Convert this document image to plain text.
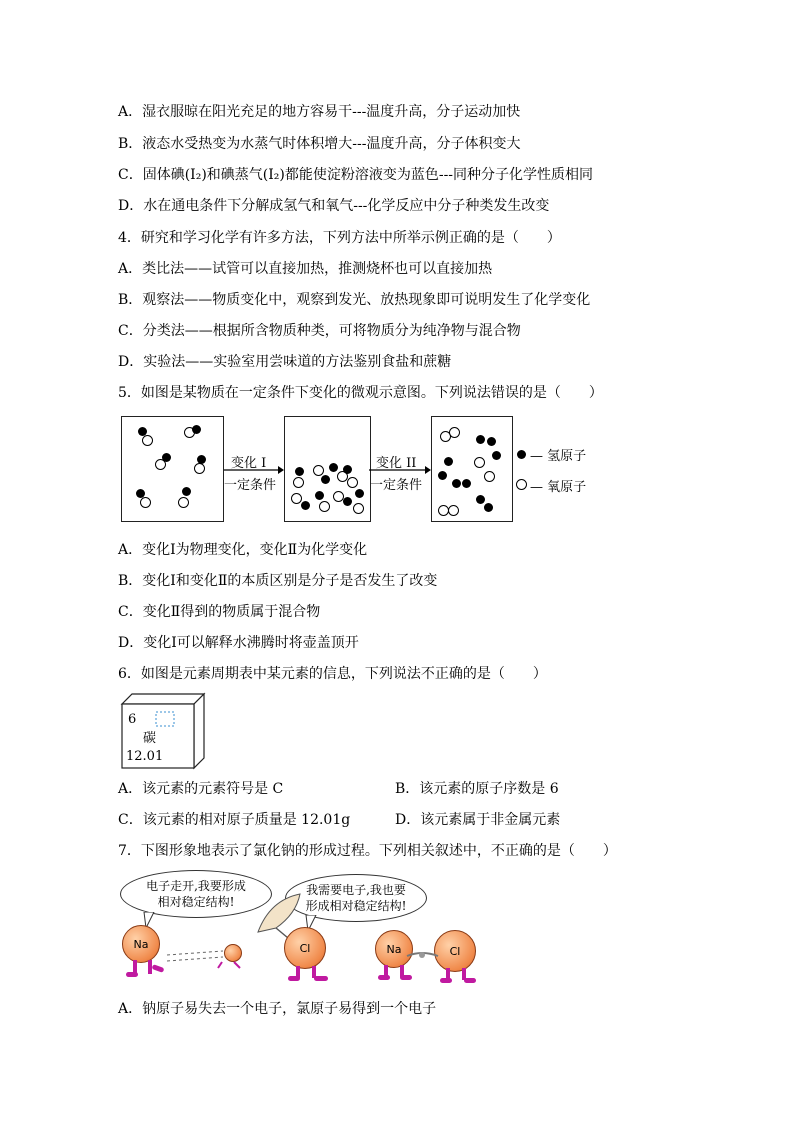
A．湿衣服晾在阳光充足的地方容易干---温度升高，分子运动加快
B．液态水受热变为水蒸气时体积增大---温度升高，分子体积变大
C．固体碘(I₂)和碘蒸气(I₂)都能使淀粉溶液变为蓝色---同种分子化学性质相同
D．水在通电条件下分解成氢气和氧气---化学反应中分子种类发生改变
4．研究和学习化学有许多方法，下列方法中所举示例正确的是（　　）
A．类比法——试管可以直接加热，推测烧杯也可以直接加热
B．观察法——物质变化中，观察到发光、放热现象即可说明发生了化学变化
C．分类法——根据所含物质种类，可将物质分为纯净物与混合物
D．实验法——实验室用尝味道的方法鉴别食盐和蔗糖
5．如图是某物质在一定条件下变化的微观示意图。下列说法错误的是（　　）
变化 I
一定条件
变化 II
一定条件
— 氢原子
— 氧原子
A．变化Ⅰ为物理变化，变化Ⅱ为化学变化
B．变化Ⅰ和变化Ⅱ的本质区别是分子是否发生了改变
C．变化Ⅱ得到的物质属于混合物
D．变化Ⅰ可以解释水沸腾时将壶盖顶开
6．如图是元素周期表中某元素的信息，下列说法不正确的是（　　）
6
碳
12.01
A．该元素的元素符号是 C	B．该元素的原子序数是 6
C．该元素的相对原子质量是 12.01g	D．该元素属于非金属元素
7．下图形象地表示了氯化钠的形成过程。下列相关叙述中，不正确的是（　　）
电子走开,我要形成
相对稳定结构!
我需要电子,我也要
形成相对稳定结构!
Na	Cl	Na	Cl
A．钠原子易失去一个电子，氯原子易得到一个电子
